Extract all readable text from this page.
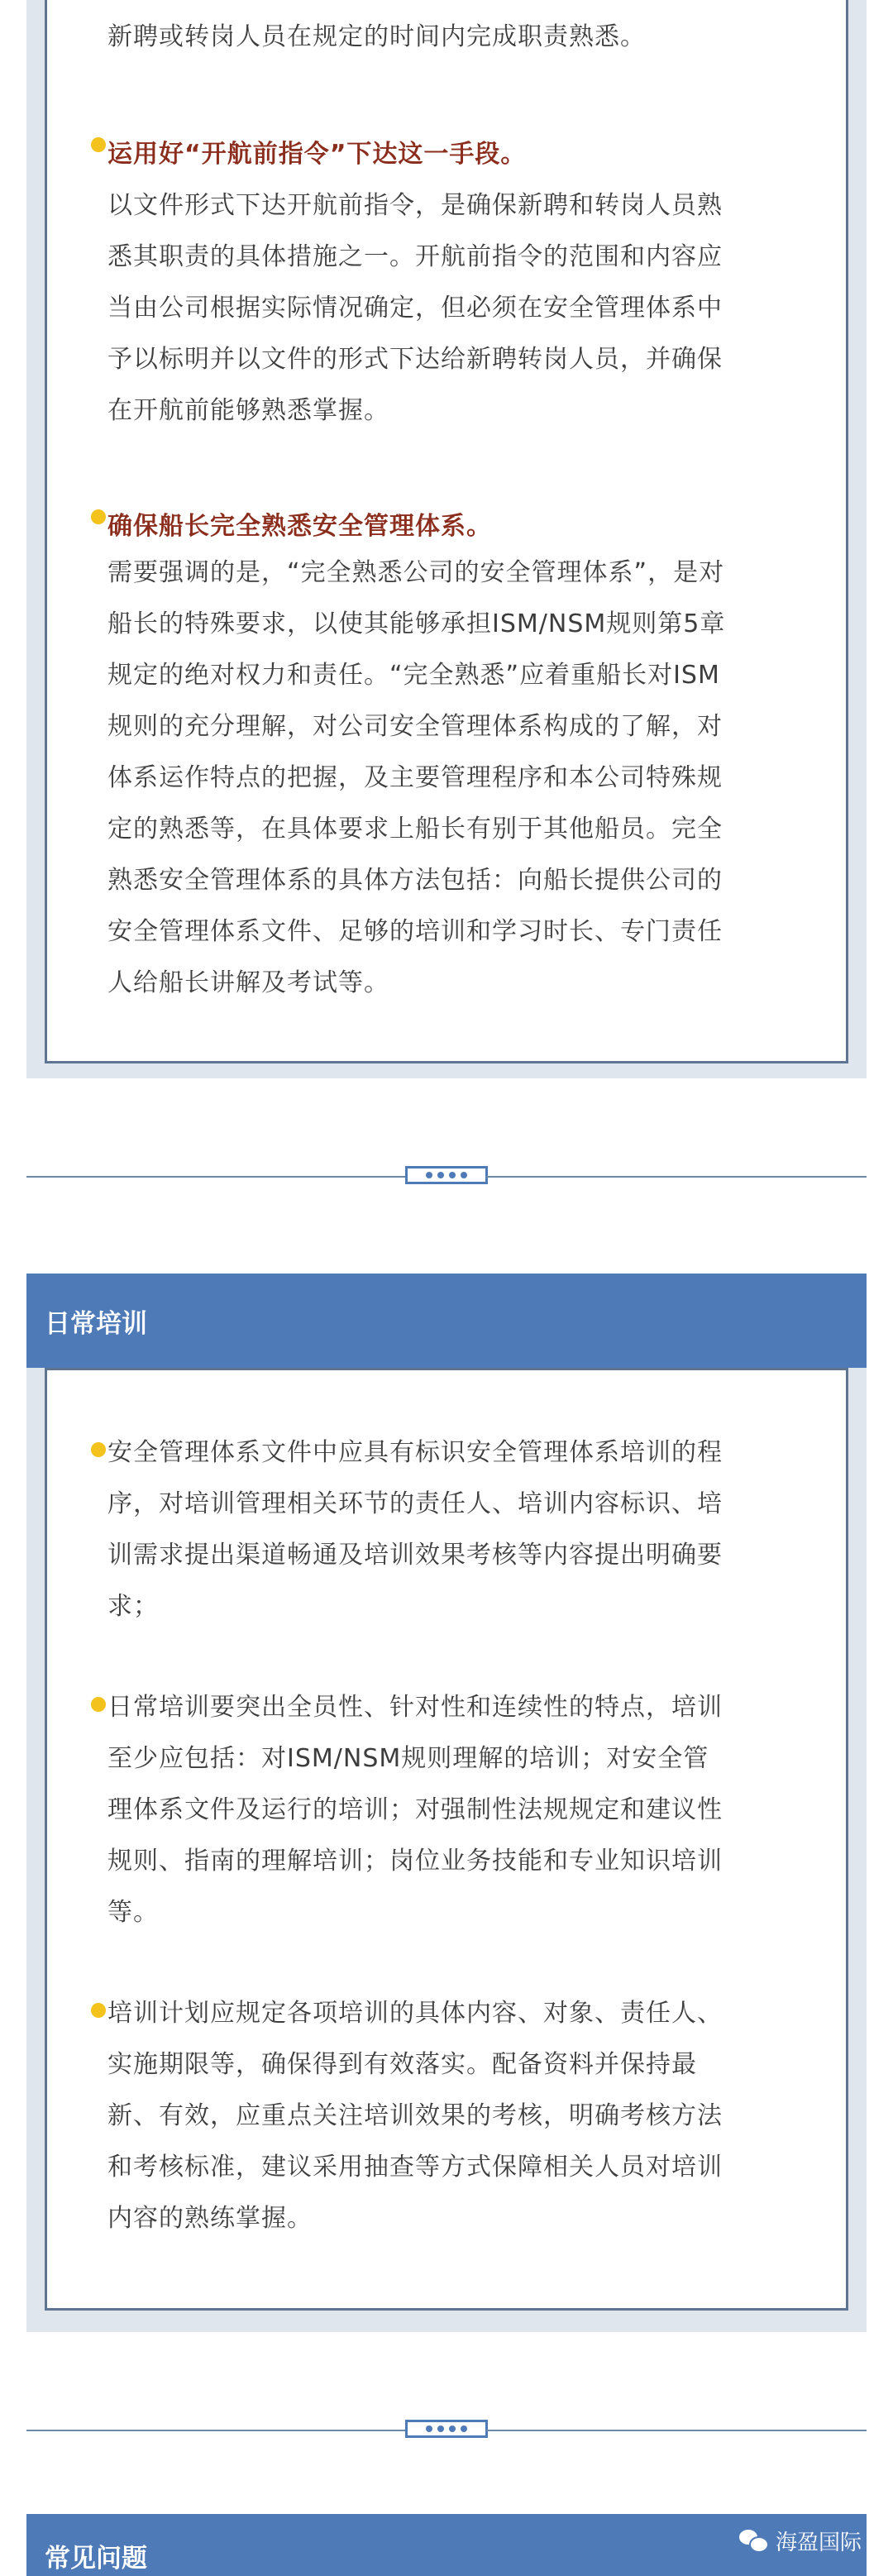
新聘或转岗人员在规定的时间内完成职责熟悉。

运用好“开航前指令”下达这一手段。

以文件形式下达开航前指令，是确保新聘和转岗人员熟

悉其职责的具体措施之一。开航前指令的范围和内容应

当由公司根据实际情况确定，但必须在安全管理体系中

予以标明并以文件的形式下达给新聘转岗人员，并确保

在开航前能够熟悉掌握。

确保船长完全熟悉安全管理体系。

需要强调的是，“完全熟悉公司的安全管理体系”，是对

船长的特殊要求，以使其能够承担ISM/NSM规则第5章

规定的绝对权力和责任。“完全熟悉”应着重船长对ISM

规则的充分理解，对公司安全管理体系构成的了解，对

体系运作特点的把握，及主要管理程序和本公司特殊规

定的熟悉等，在具体要求上船长有别于其他船员。完全

熟悉安全管理体系的具体方法包括：向船长提供公司的

安全管理体系文件、足够的培训和学习时长、专门责任

人给船长讲解及考试等。

日常培训

安全管理体系文件中应具有标识安全管理体系培训的程

序，对培训管理相关环节的责任人、培训内容标识、培

训需求提出渠道畅通及培训效果考核等内容提出明确要

求；

日常培训要突出全员性、针对性和连续性的特点，培训

至少应包括：对ISM/NSM规则理解的培训；对安全管

理体系文件及运行的培训；对强制性法规规定和建议性

规则、指南的理解培训；岗位业务技能和专业知识培训

等。

培训计划应规定各项培训的具体内容、对象、责任人、

实施期限等，确保得到有效落实。配备资料并保持最

新、有效，应重点关注培训效果的考核，明确考核方法

和考核标准，建议采用抽查等方式保障相关人员对培训

内容的熟练掌握。

常见问题
海盈国际
